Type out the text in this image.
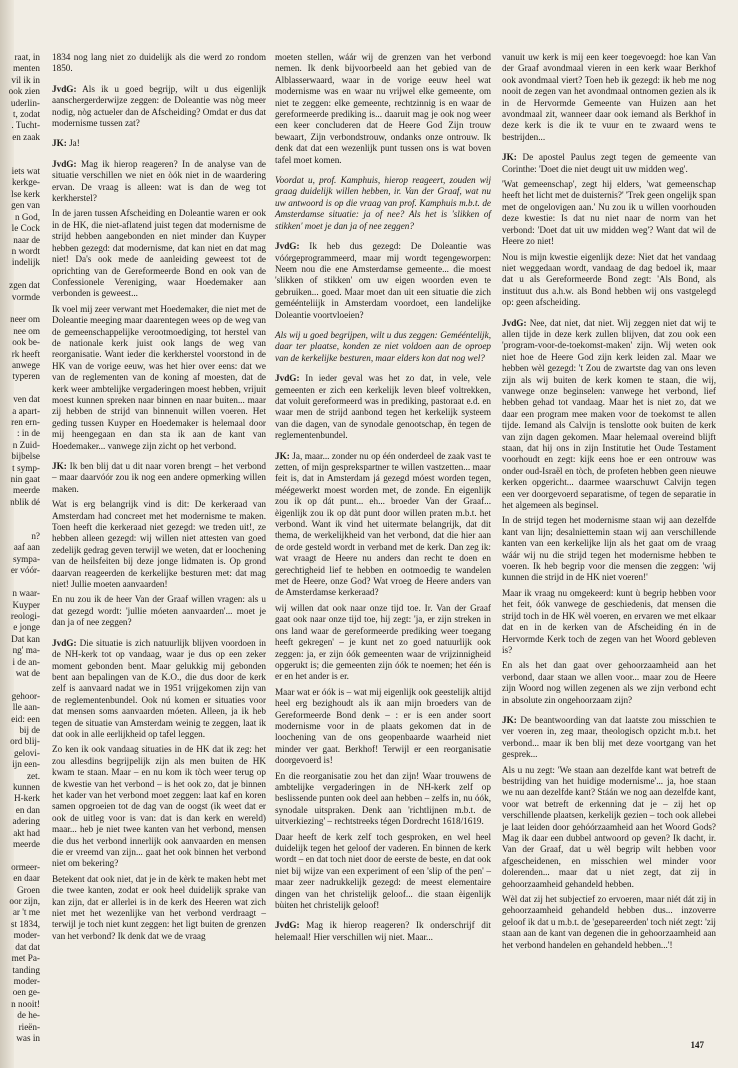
raat, in
menten
vil ik in
ook zien
uderlin-
t, zodat
. Tucht-
en zaak

iets wat
kerkge-
lse kerk
gen van
n God,
le Cock
naar de
n wordt
indelijk

zgen dat
vormde

neer om
nee om
ook be-
rk heeft
anwege
typeren

ven dat
a apart-
ren ern-
: in de
n Zuid-
bijbelse
t symp-
nin gaat
meerde
nblik dé

n?
aaf aan
sympa-
er vóór-

n waar-
Kuyper
reologi-
e jonge
Dat kan
ng' ma-
i de an-
wat de

gehoor-
lle aan-
eid: een
bij de
ord blij-
gelovi-
ijn een-
zet.
kunnen
H-kerk
en dan
adering
akt had
meerde

ormeer-
en daar
Groen
oor zijn,
ar 't me
st 1834,
moder-
dat dat
met Pa-
tanding
moder-
oen ge-
n nooit!
de he-
rieën-
was in

1834 nog lang niet zo duidelijk als die werd zo rondom 1850.

JvdG: Als ik u goed begrijp, wilt u dus eigenlijk aanschergerderwijze zeggen: de Doleantie was nòg meer nodig, nòg actueler dan de Afscheiding? Omdat er dus dat modernisme tussen zat?

JK: Ja!

JvdG: Mag ik hierop reageren? In de analyse van de situatie verschillen we niet en òók niet in de waardering ervan. De vraag is alleen: wat is dan de weg tot kerkherstel?

In de jaren tussen Afscheiding en Doleantie waren er ook in de HK, die niet-aflatend juist tegen dat modernisme de strijd hebben aangebonden en niet minder dan Kuyper hebben gezegd: dat modernisme, dat kan niet en dat mag niet! Da's ook mede de aanleiding geweest tot de oprichting van de Gereformeerde Bond en ook van de Confessionele Vereniging, waar Hoedemaker aan verbonden is geweest...

Ik voel mij zeer verwant met Hoedemaker, die niet met de Doleantie meeging maar daarentegen wees op de weg van de gemeenschappelijke verootmoediging, tot herstel van de nationale kerk juist ook langs de weg van reorganisatie. Want ieder die kerkherstel voorstond in de HK van de vorige eeuw, was het hier over eens: dat we van de reglementen van de koning af moesten, dat de kerk weer ambtelijke vergaderingen moest hebben, vrijuit moest kunnen spreken naar binnen en naar buiten... maar zij hebben de strijd van binnenuit willen voeren. Het geding tussen Kuyper en Hoedemaker is helemaal door mij heengegaan en dan sta ik aan de kant van Hoedemaker... vanwege zijn zicht op het verbond.

JK: Ik ben blij dat u dit naar voren brengt – het verbond – maar daarvóór zou ik nog een andere opmerking willen maken.

Wat is erg belangrijk vind is dit: De kerkeraad van Amsterdam had concreet met het modernisme te maken. Toen heeft die kerkeraad niet gezegd: we treden uit!, ze hebben alleen gezegd: wij willen niet attesten van goed zedelijk gedrag geven terwijl we weten, dat er loochening van de heilsfeiten bij deze jonge lidmaten is. Op grond daarvan reageerden de kerkelijke besturen met: dat mag niet! Jullie moeten aanvaarden!

En nu zou ik de heer Van der Graaf willen vragen: als u dat gezegd wordt: 'jullie móeten aanvaarden'... moet je dan ja of nee zeggen?

JvdG: Die situatie is zich natuurlijk blijven voordoen in de NH-kerk tot op vandaag, waar je dus op een zeker moment gebonden bent. Maar gelukkig mij gebonden bent aan bepalingen van de K.O., die dus door de kerk zelf is aanvaard nadat we in 1951 vrijgekomen zijn van de reglementenbundel. Ook nú komen er situaties voor dat mensen soms aanvaarden móeten. Alleen, ja ik heb tegen de situatie van Amsterdam weinig te zeggen, laat ik dat ook in alle eerlijkheid op tafel leggen.

Zo ken ik ook vandaag situaties in de HK dat ik zeg: het zou allesdins begrijpelijk zijn als men buiten de HK kwam te staan. Maar – en nu kom ik tòch weer terug op de kwestie van het verbond – is het ook zo, dat je binnen het kader van het verbond moet zeggen: laat kaf en koren samen opgroeien tot de dag van de oogst (ik weet dat er ook de uitleg voor is van: dat is dan kerk en wereld) maar... heb je niet twee kanten van het verbond, mensen die dus het verbond innerlijk ook aanvaarden en mensen die er vreemd van zijn... gaat het ook binnen het verbond niet om bekering?

Betekent dat ook niet, dat je in de kèrk te maken hebt met die twee kanten, zodat er ook heel duidelijk sprake van kan zijn, dat er allerlei is in de kerk des Heeren wat zich niet met het wezenlijke van het verbond verdraagt – terwijl je toch niet kunt zeggen: het ligt buiten de grenzen van het verbond? Ik denk dat we de vraag

moeten stellen, wáár wij de grenzen van het verbond nemen. Ik denk bijvoorbeeld aan het gebied van de Alblasserwaard, waar in de vorige eeuw heel wat modernisme was en waar nu vrijwel elke gemeente, om niet te zeggen: elke gemeente, rechtzinnig is en waar de gereformeerde prediking is... daaruit mag je ook nog weer een keer concluderen dat de Heere God Zijn trouw bewaart, Zijn verbondstrouw, ondanks onze ontrouw. Ik denk dat dat een wezenlijk punt tussen ons is wat boven tafel moet komen.

Voordat u, prof. Kamphuis, hierop reageert, zouden wij graag duidelijk willen hebben, ir. Van der Graaf, wat nu uw antwoord is op die vraag van prof. Kamphuis m.b.t. de Amsterdamse situatie: ja of nee? Als het is 'slikken of stikken' moet je dan ja of nee zeggen?

JvdG: Ik heb dus gezegd: De Doleantie was vóórgeprogrammeerd, maar mij wordt tegengeworpen: Neem nou die ene Amsterdamse gemeente... die moest 'slikken of stikken' om uw eigen woorden even te gebruiken... goed. Maar moet dan uit een situatie die zich geméénteliijk in Amsterdam voordoet, een landelijke Doleantie voortvloeien?

Als wij u goed begrijpen, wilt u dus zeggen: Gemééntelijk, daar ter plaatse, konden ze niet voldoen aan de oproep van de kerkelijke besturen, maar elders kon dat nog wel?

JvdG: In ieder geval was het zo dat, in vele, vele gemeenten er zich een kerkelijk leven bleef voltrekken, dat voluit gereformeerd was in prediking, pastoraat e.d. en waar men de strijd aanbond tegen het kerkelijk systeem van die dagen, van de synodale genootschap, ën tegen de reglementenbundel.

JK: Ja, maar... zonder nu op één onderdeel de zaak vast te zetten, of mijn gesprekspartner te willen vastzetten... maar feit is, dat in Amsterdam já gezegd móest worden tegen, méégewerkt moest worden met, de zonde. En eigenlijk zou ik op dát punt... eh... broeder Van der Graaf... èigenlijk zou ik op dàt punt door willen praten m.b.t. het verbond. Want ik vind het uitermate belangrijk, dat dit thema, de werkelijkheid van het verbond, dat die hier aan de orde gesteld wordt in verband met de kerk. Dan zeg ik: wat vraagt de Heere nu anders dan recht te doen en gerechtigheid lief te hebben en ootmoedig te wandelen met de Heere, onze God? Wat vroeg de Heere anders van de Amsterdamse kerkeraad?

wij willen dat ook naar onze tijd toe. Ir. Van der Graaf gaat ook naar onze tijd toe, hij zegt: 'ja, er zijn streken in ons land waar de gereformeerde prediking weer toegang heeft gekregen' – je kunt net zo goed natuurlijk ook zeggen: ja, er zijn óók gemeenten waar de vrijzinnigheid opgerukt is; die gemeenten zijn óók te noemen; het één is er en het ander is er.

Maar wat er óók is – wat mij eigenlijk ook geestelijk altijd heel erg bezighoudt als ik aan mijn broeders van de Gereformeerde Bond denk – : er is een ander soort modernisme voor in de plaats gekomen dat in de loochening van de ons geopenbaarde waarheid niet minder ver gaat. Berkhof! Terwijl er een reorganisatie doorgevoerd is!

En die reorganisatie zou het dan zijn! Waar trouwens de ambtelijke vergaderingen in de NH-kerk zelf op beslissende punten ook deel aan hebben – zelfs in, nu óók, synodale uitspraken. Denk aan 'richtlijnen m.b.t. de uitverkiezing' – rechtstreeks tégen Dordrecht 1618/1619.

Daar heeft de kerk zelf toch gesproken, en wel heel duidelijk tegen het geloof der vaderen. En binnen de kerk wordt – en dat toch niet door de eerste de beste, en dat ook niet bij wijze van een experiment of een 'slip of the pen' – maar zeer nadrukkelijk gezegd: de meest elementaire dingen van het christelijk geloof... die staan èigenlijk bùiten het christelijk geloof!

JvdG: Mag ik hierop reageren? Ik onderschrijf dit helemaal! Hier verschillen wij niet. Maar...

vanuit uw kerk is mij een keer toegevoegd: hoe kan Van der Graaf avondmaal vieren in een kerk waar Berkhof ook avondmaal viert? Toen heb ik gezegd: ik heb me nog nooit de zegen van het avondmaal ontnomen gezien als ik in de Hervormde Gemeente van Huizen aan het avondmaal zit, wanneer daar ook iemand als Berkhof in deze kerk is die ik te vuur en te zwaard wens te bestrijden...

JK: De apostel Paulus zegt tegen de gemeente van Corinthe: 'Doet die niet deugt uit uw midden weg'.

'Wat gemeenschap', zegt hij elders, 'wat gemeenschap heeft het licht met de duisternis?' 'Trek geen ongelijk span met de ongelovigen aan.' Nu zou ik u willen voorhouden deze kwestie: Is dat nu niet naar de norm van het verbond: 'Doet dat uit uw midden weg'? Want dat wil de Heere zo niet!

Nou is mijn kwestie eigenlijk deze: Niet dat het vandaag niet weggedaan wordt, vandaag de dag bedoel ik, maar dat u als Gereformeerde Bond zegt: 'Als Bond, als instituut dus a.h.w. als Bond hebben wij ons vastgelegd op: geen afscheiding.

JvdG: Nee, dat niet, dat niet. Wij zeggen niet dat wij te allen tijde in deze kerk zullen blijven, dat zou ook een 'program-voor-de-toekomst-maken' zijn. Wij weten ook niet hoe de Heere God zijn kerk leiden zal. Maar we hebben wèl gezegd: 't Zou de zwartste dag van ons leven zijn als wij buiten de kerk komen te staan, die wij, vanwege onze beginselen: vanwege het verbond, lief hebben gehad tot vandaag. Maar het is niet zo, dat we daar een program mee maken voor de toekomst te allen tijde. Iemand als Calvijn is tenslotte ook buiten de kerk van zijn dagen gekomen. Maar helemaal overeind blijft staan, dat hij ons in zijn Institutie het Oude Testament voorhoudt en zegt: kijk eens hoe er een ontrouw was onder oud-Israël en tòch, de profeten hebben geen nieuwe kerken opgericht... daarmee waarschuwt Calvijn tegen een ver doorgevoerd separatisme, of tegen de separatie in het algemeen als beginsel.

In de strijd tegen het modernisme staan wij aan dezelfde kant van lijn; desalniettemin staan wij aan verschillende kanten van een kerkelijke lijn als het gaat om de vraag wáár wij nu die strijd tegen het modernisme hebben te voeren. Ik heb begrip voor die mensen die zeggen: 'wij kunnen die strijd in de HK niet voeren!'

Maar ik vraag nu omgekeerd: kunt ù begrip hebben voor het feit, óók vanwege de geschiedenis, dat mensen die strijd toch in de HK wèl voeren, en ervaren we met elkaar dat en in de kerken van de Afscheiding én in de Hervormde Kerk toch de zegen van het Woord gebleven is?

En als het dan gaat over gehoorzaamheid aan het verbond, daar staan we allen voor... maar zou de Heere zijn Woord nog willen zegenen als we zijn verbond echt in absolute zin ongehoorzaam zijn?

JK: De beantwoording van dat laatste zou misschien te ver voeren in, zeg maar, theologisch opzicht m.b.t. het verbond... maar ik ben blij met deze voortgang van het gesprek...

Als u nu zegt: 'We staan aan dezelfde kant wat betreft de bestrijding van het huidige modernisme'... ja, hoe staan we nu aan dezelfde kant? Stáán we nog aan dezelfde kant, voor wat betreft de erkenning dat je – zij het op verschillende plaatsen, kerkelijk gezien – toch ook allebei je laat leiden door gehóórzaamheid aan het Woord Gods? Mag ik daar een dubbel antwoord op geven? Ik dacht, ir. Van der Graaf, dat u wèl begrip wilt hebben voor afgescheidenen, en misschien wel minder voor dolerenden... maar dat u niet zegt, dat zij in gehoorzaamheid gehandeld hebben.

Wèl dat zij het subjectief zo ervoeren, maar niét dát zij in gehoorzaamheid gehandeld hebben dus... inzoverre geloof ik dat u m.b.t. de 'gesepareerden' toch niét zegt: 'zij staan aan de kant van degenen die in gehoorzaamheid aan het verbond handelen en gehandeld hebben...'!

147
